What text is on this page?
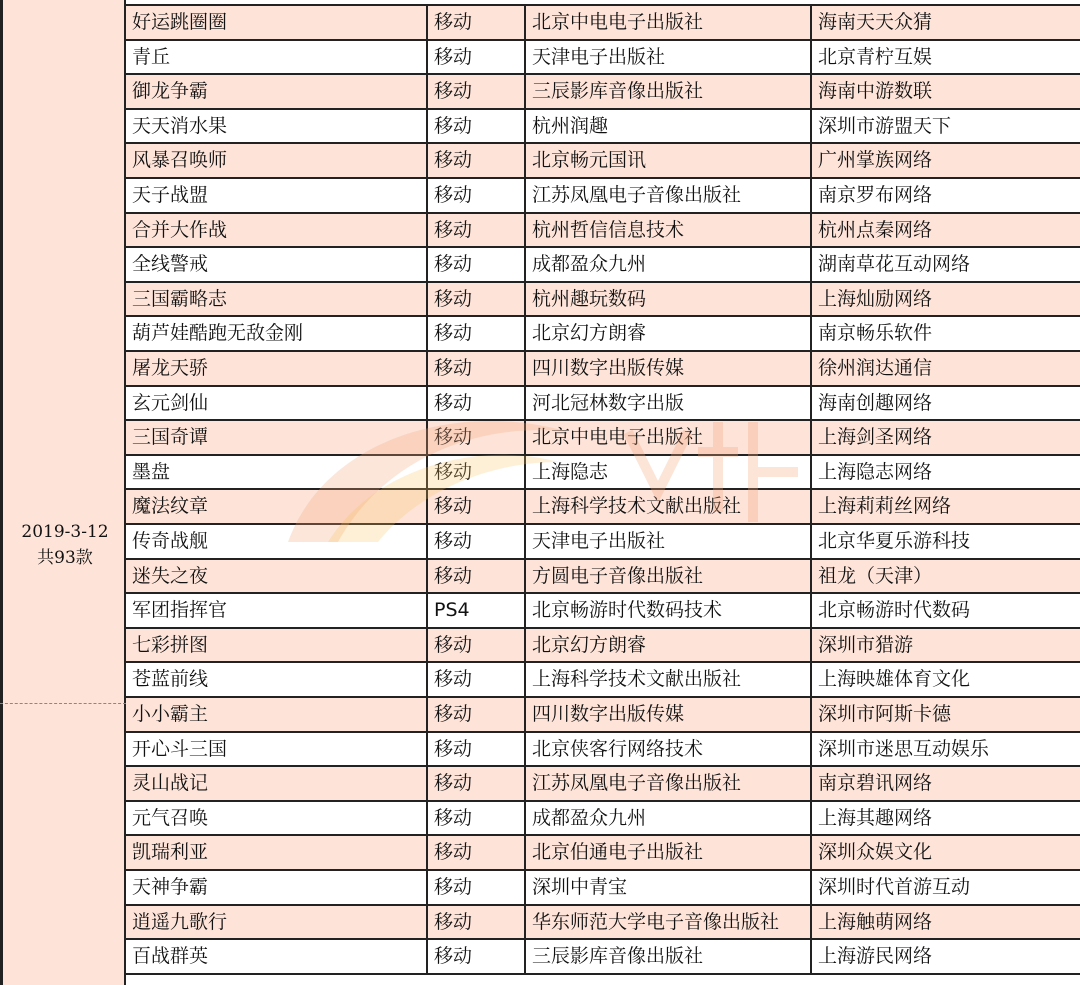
2019-3-12
共93款
好运跳圈圈	移动	北京中电电子出版社	海南天天众猜
青丘	移动	天津电子出版社	北京青柠互娱
御龙争霸	移动	三辰影库音像出版社	海南中游数联
天天消水果	移动	杭州润趣	深圳市游盟天下
风暴召唤师	移动	北京畅元国讯	广州掌族网络
天子战盟	移动	江苏凤凰电子音像出版社	南京罗布网络
合并大作战	移动	杭州哲信信息技术	杭州点秦网络
全线警戒	移动	成都盈众九州	湖南草花互动网络
三国霸略志	移动	杭州趣玩数码	上海灿励网络
葫芦娃酷跑无敌金刚	移动	北京幻方朗睿	南京畅乐软件
屠龙天骄	移动	四川数字出版传媒	徐州润达通信
玄元剑仙	移动	河北冠林数字出版	海南创趣网络
三国奇谭	移动	北京中电电子出版社	上海剑圣网络
墨盘	移动	上海隐志	上海隐志网络
魔法纹章	移动	上海科学技术文献出版社	上海莉莉丝网络
传奇战舰	移动	天津电子出版社	北京华夏乐游科技
迷失之夜	移动	方圆电子音像出版社	祖龙（天津）
军团指挥官	PS4	北京畅游时代数码技术	北京畅游时代数码
七彩拼图	移动	北京幻方朗睿	深圳市猎游
苍蓝前线	移动	上海科学技术文献出版社	上海映雄体育文化
小小霸主	移动	四川数字出版传媒	深圳市阿斯卡德
开心斗三国	移动	北京侠客行网络技术	深圳市迷思互动娱乐
灵山战记	移动	江苏凤凰电子音像出版社	南京碧讯网络
元气召唤	移动	成都盈众九州	上海其趣网络
凯瑞利亚	移动	北京伯通电子出版社	深圳众娱文化
天神争霸	移动	深圳中青宝	深圳时代首游互动
逍遥九歌行	移动	华东师范大学电子音像出版社	上海触萌网络
百战群英	移动	三辰影库音像出版社	上海游民网络
